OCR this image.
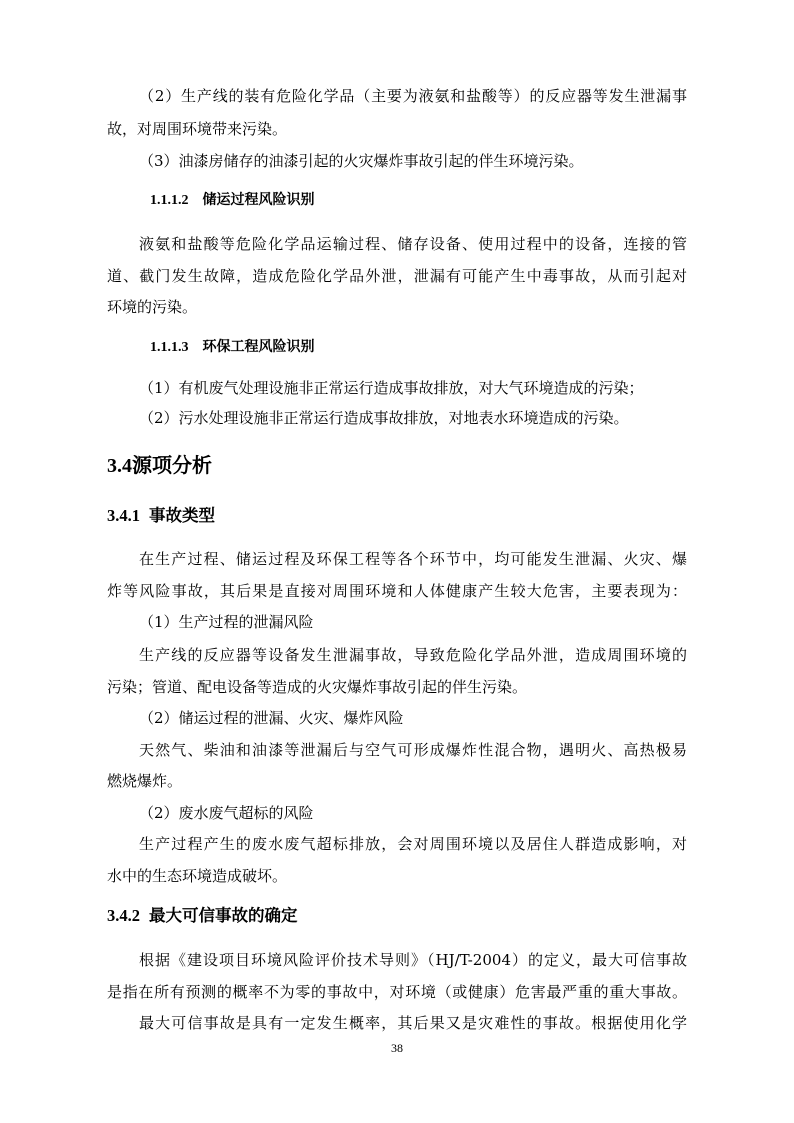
（2）生产线的装有危险化学品（主要为液氨和盐酸等）的反应器等发生泄漏事
故，对周围环境带来污染。
（3）油漆房储存的油漆引起的火灾爆炸事故引起的伴生环境污染。
1.1.1.2 储运过程风险识别
液氨和盐酸等危险化学品运输过程、储存设备、使用过程中的设备，连接的管
道、截门发生故障，造成危险化学品外泄，泄漏有可能产生中毒事故，从而引起对
环境的污染。
1.1.1.3 环保工程风险识别
（1）有机废气处理设施非正常运行造成事故排放，对大气环境造成的污染；
（2）污水处理设施非正常运行造成事故排放，对地表水环境造成的污染。
3.4源项分析
3.4.1 事故类型
在生产过程、储运过程及环保工程等各个环节中，均可能发生泄漏、火灾、爆
炸等风险事故，其后果是直接对周围环境和人体健康产生较大危害，主要表现为：
（1）生产过程的泄漏风险
生产线的反应器等设备发生泄漏事故，导致危险化学品外泄，造成周围环境的
污染；管道、配电设备等造成的火灾爆炸事故引起的伴生污染。
（2）储运过程的泄漏、火灾、爆炸风险
天然气、柴油和油漆等泄漏后与空气可形成爆炸性混合物，遇明火、高热极易
燃烧爆炸。
（2）废水废气超标的风险
生产过程产生的废水废气超标排放，会对周围环境以及居住人群造成影响，对
水中的生态环境造成破坏。
3.4.2 最大可信事故的确定
根据《建设项目环境风险评价技术导则》（HJ/T-2004）的定义，最大可信事故
是指在所有预测的概率不为零的事故中，对环境（或健康）危害最严重的重大事故。
最大可信事故是具有一定发生概率，其后果又是灾难性的事故。根据使用化学
38
